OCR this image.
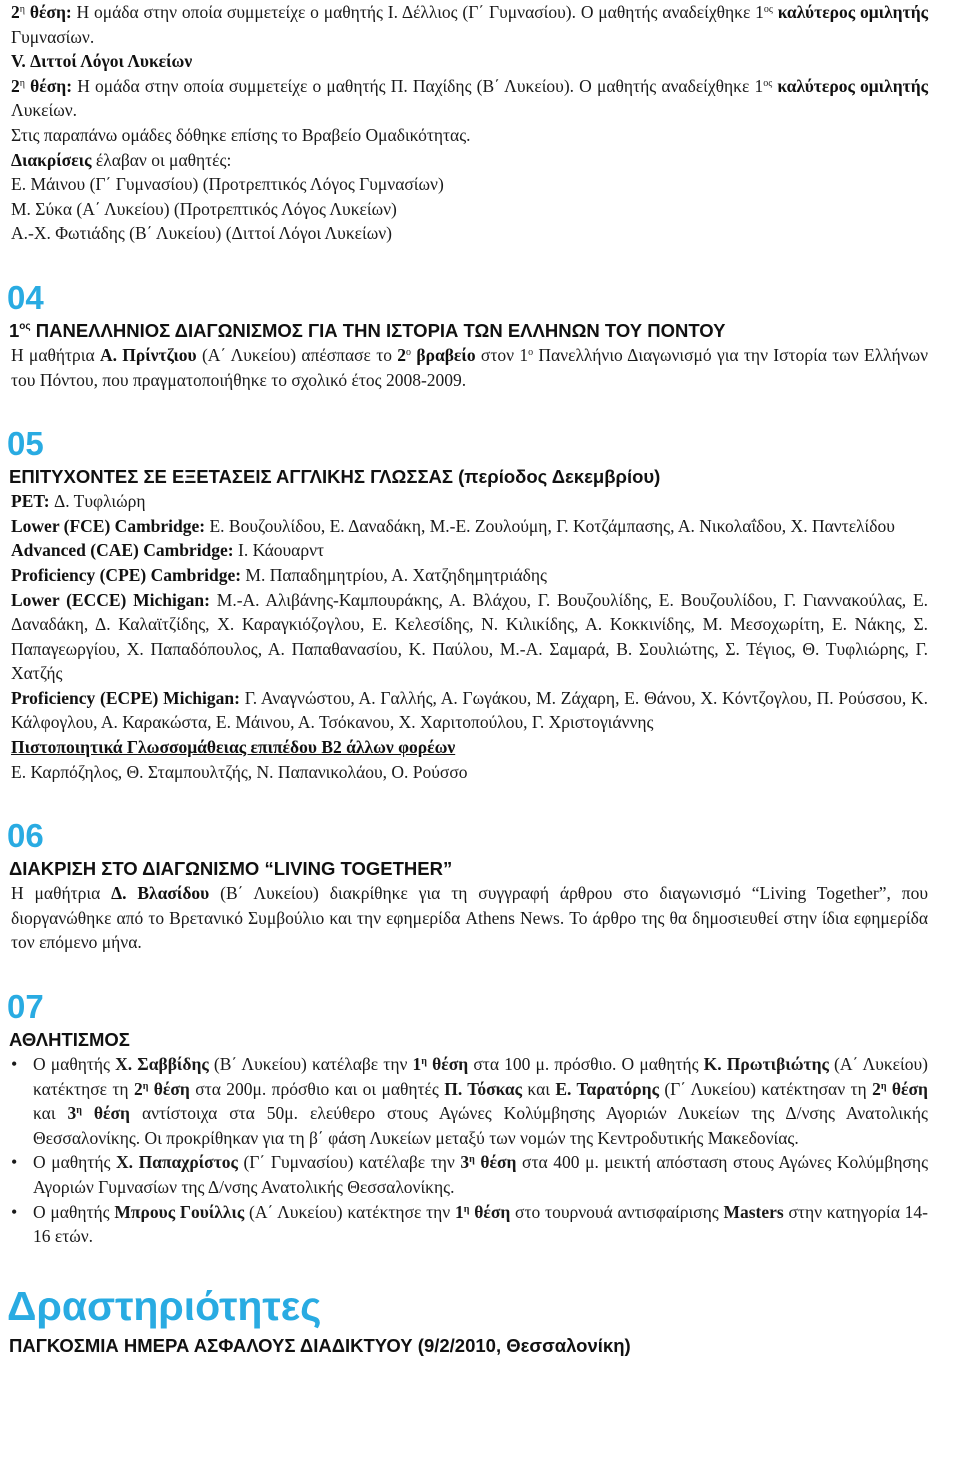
$2^\eta$ θέση: Η ομάδα στην οποία συμμετείχε ο μαθητής Ι. Δέλλιος (Γ΄ Γυμνασίου). Ο μαθητής αναδείχθηκε $1^{o\varsigma}$ καλύτερος ομιλητής Γυμνασίων.

V. Διττοί Λόγοι Λυκείων

$2^\eta$ θέση: Η ομάδα στην οποία συμμετείχε ο μαθητής Π. Παχίδης (Β΄ Λυκείου). Ο μαθητής αναδείχθηκε $1^{o\varsigma}$ καλύτερος ομιλητής Λυκείων.

Στις παραπάνω ομάδες δόθηκε επίσης το Βραβείο Ομαδικότητας.

Διακρίσεις έλαβαν οι μαθητές:

Ε. Μάινου (Γ΄ Γυμνασίου) (Προτρεπτικός Λόγος Γυμνασίων)

Μ. Σύκα (Α΄ Λυκείου) (Προτρεπτικός Λόγος Λυκείων)

Α.-Χ. Φωτιάδης (Β΄ Λυκείου) (Διττοί Λόγοι Λυκείων)

04
$1^{o\varsigma}$ ΠΑΝΕΛΛΗΝΙΟΣ ΔΙΑΓΩΝΙΣΜΟΣ ΓΙΑ ΤΗΝ ΙΣΤΟΡΙΑ ΤΩΝ ΕΛΛΗΝΩΝ ΤΟΥ ΠΟΝΤΟΥ

Η μαθήτρια Α. Πρίντζιου (Α΄ Λυκείου) απέσπασε το $2^o$ βραβείο στον $1^o$ Πανελλήνιο Διαγωνισμό για την Ιστορία των Ελλήνων του Πόντου, που πραγματοποιήθηκε το σχολικό έτος 2008-2009.

05
ΕΠΙΤΥΧΟΝΤΕΣ ΣΕ ΕΞΕΤΑΣΕΙΣ ΑΓΓΛΙΚΗΣ ΓΛΩΣΣΑΣ (περίοδος Δεκεμβρίου)

PET: Δ. Τυφλιώρη

Lower (FCE) Cambridge: Ε. Βουζουλίδου, Ε. Δαναδάκη, Μ.-Ε. Ζουλούμη, Γ. Κοτζάμπασης, Α. Νικολαΐδου, Χ. Παντελίδου

Advanced (CAE) Cambridge: Ι. Κάουαρντ

Proficiency (CPE) Cambridge: Μ. Παπαδημητρίου, Α. Χατζηδημητριάδης

Lower (ECCE) Michigan: Μ.-Α. Αλιβάνης-Καμπουράκης, Α. Βλάχου, Γ. Βουζουλίδης, Ε. Βουζουλίδου, Γ. Γιαννακούλας, Ε. Δαναδάκη, Δ. Καλαϊτζίδης, Χ. Καραγκιόζογλου, Ε. Κελεσίδης, Ν. Κιλικίδης, Α. Κοκκινίδης, Μ. Μεσοχωρίτη, Ε. Νάκης, Σ. Παπαγεωργίου, Χ. Παπαδόπουλος, Α. Παπαθανασίου, Κ. Παύλου, Μ.-Α. Σαμαρά, Β. Σουλιώτης, Σ. Τέγιος, Θ. Τυφλιώρης, Γ. Χατζής

Proficiency (ECPE) Michigan: Γ. Αναγνώστου, Α. Γαλλής, Α. Γωγάκου, Μ. Ζάχαρη, Ε. Θάνου, Χ. Κόντζογλου, Π. Ρούσσου, Κ. Κάλφογλου, Α. Καρακώστα, Ε. Μάινου, Α. Τσόκανου, Χ. Χαριτοπούλου, Γ. Χριστογιάννης

Πιστοποιητικά Γλωσσομάθειας επιπέδου Β2 άλλων φορέων

Ε. Καρπόζηλος, Θ. Σταμπουλτζής, Ν. Παπανικολάου, Ο. Ρούσσο

06
ΔΙΑΚΡΙΣΗ ΣΤΟ ΔΙΑΓΩΝΙΣΜΟ “LIVING TOGETHER”

Η μαθήτρια Δ. Βλασίδου (Β΄ Λυκείου) διακρίθηκε για τη συγγραφή άρθρου στο διαγωνισμό “Living Together”, που διοργανώθηκε από το Βρετανικό Συμβούλιο και την εφημερίδα Athens News. Το άρθρο της θα δημοσιευθεί στην ίδια εφημερίδα τον επόμενο μήνα.

07
ΑΘΛΗΤΙΣΜΟΣ
• Ο μαθητής Χ. Σαββίδης (Β΄ Λυκείου) κατέλαβε την $1^\eta$ θέση στα 100 μ. πρόσθιο. Ο μαθητής Κ. Πρωτιβιώτης (Α΄ Λυκείου) κατέκτησε τη $2^\eta$ θέση στα 200μ. πρόσθιο και οι μαθητές Π. Τόσκας και Ε. Ταρατόρης (Γ΄ Λυκείου) κατέκτησαν τη $2^\eta$ θέση και $3^\eta$ θέση αντίστοιχα στα 50μ. ελεύθερο στους Αγώνες Κολύμβησης Αγοριών Λυκείων της Δ/νσης Ανατολικής Θεσσαλονίκης. Οι προκρίθηκαν για τη β΄ φάση Λυκείων μεταξύ των νομών της Κεντροδυτικής Μακεδονίας.
• Ο μαθητής Χ. Παπαχρίστος (Γ΄ Γυμνασίου) κατέλαβε την $3^\eta$ θέση στα 400 μ. μεικτή απόσταση στους Αγώνες Κολύμβησης Αγοριών Γυμνασίων της Δ/νσης Ανατολικής Θεσσαλονίκης.
• Ο μαθητής Μπρους Γουίλλις (Α΄ Λυκείου) κατέκτησε την $1^\eta$ θέση στο τουρνουά αντισφαίρισης Masters στην κατηγορία 14-16 ετών.
Δραστηριότητες
ΠΑΓΚΟΣΜΙΑ ΗΜΕΡΑ ΑΣΦΑΛΟΥΣ ΔΙΑΔΙΚΤΥΟΥ (9/2/2010, Θεσσαλονίκη)
